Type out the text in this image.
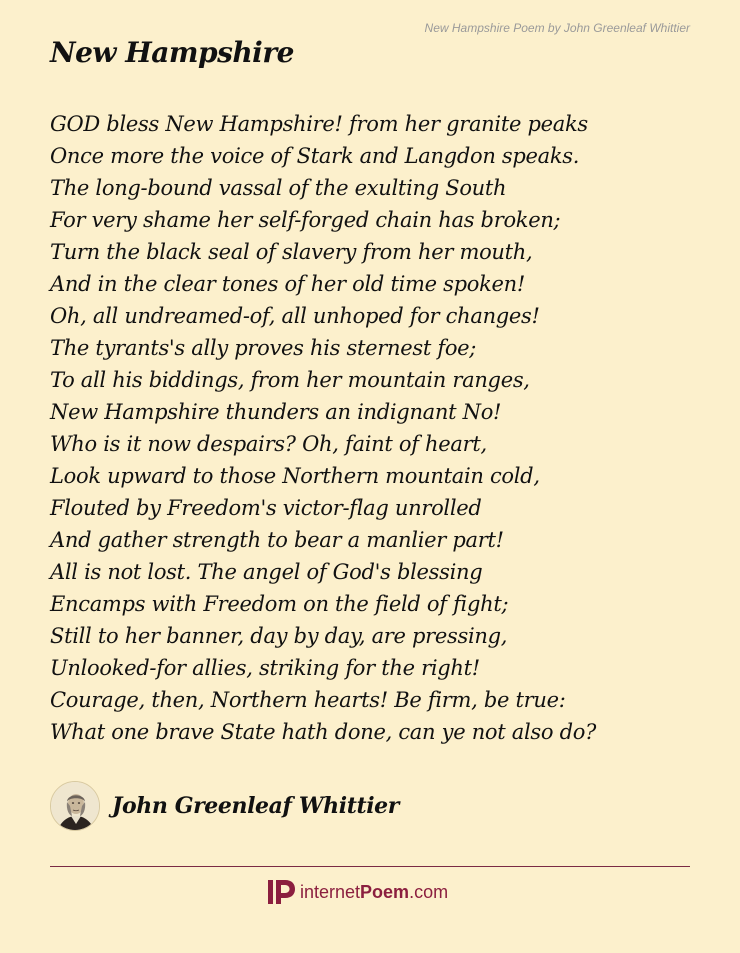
New Hampshire Poem by John Greenleaf Whittier
New Hampshire
GOD bless New Hampshire! from her granite peaks
Once more the voice of Stark and Langdon speaks.
The long-bound vassal of the exulting South
For very shame her self-forged chain has broken;
Turn the black seal of slavery from her mouth,
And in the clear tones of her old time spoken!
Oh, all undreamed-of, all unhoped for changes!
The tyrants's ally proves his sternest foe;
To all his biddings, from her mountain ranges,
New Hampshire thunders an indignant No!
Who is it now despairs? Oh, faint of heart,
Look upward to those Northern mountain cold,
Flouted by Freedom's victor-flag unrolled
And gather strength to bear a manlier part!
All is not lost. The angel of God's blessing
Encamps with Freedom on the field of fight;
Still to her banner, day by day, are pressing,
Unlooked-for allies, striking for the right!
Courage, then, Northern hearts! Be firm, be true:
What one brave State hath done, can ye not also do?
John Greenleaf Whittier
internetPoem.com
